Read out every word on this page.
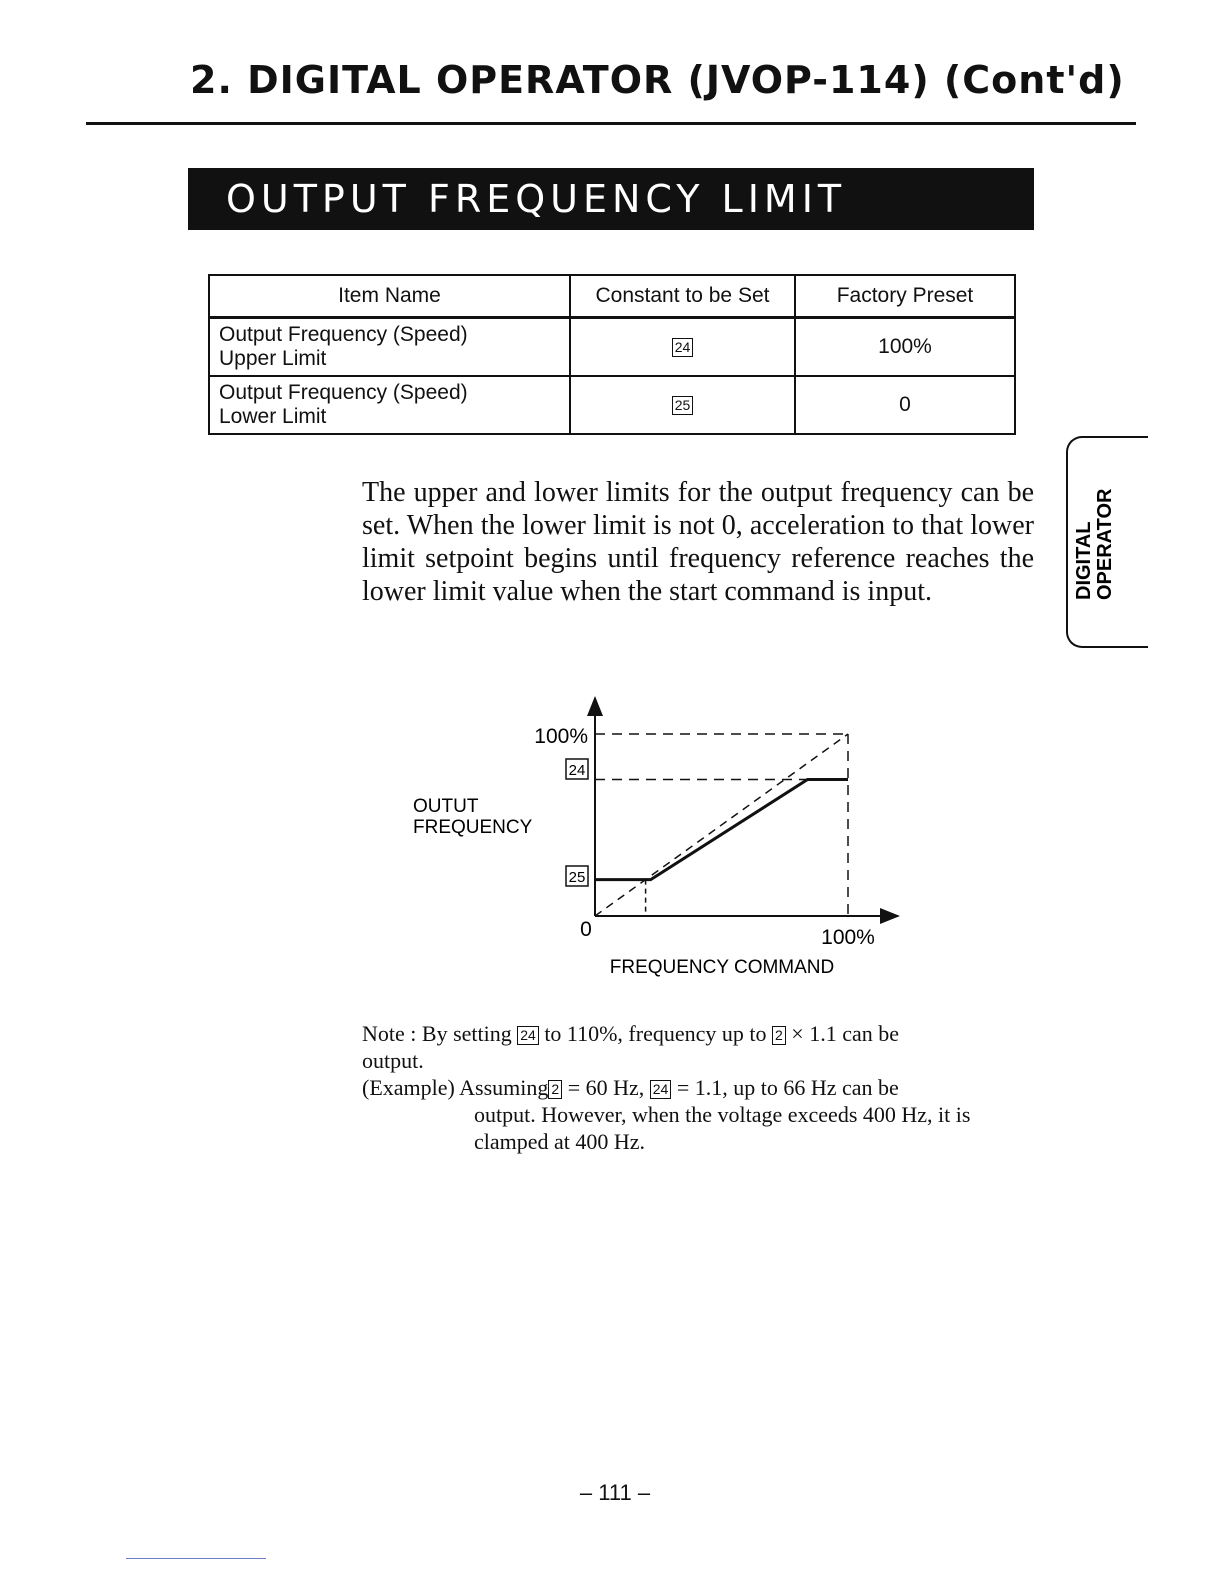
2. DIGITAL OPERATOR (JVOP-114) (Cont'd)
OUTPUT FREQUENCY LIMIT
Item Name	Constant to be Set	Factory Preset

Output Frequency (Speed)
Upper Limit	24	100%

Output Frequency (Speed)
Lower Limit	25	0
DIGITAL OPERATOR
The upper and lower limits for the output frequency can be set. When the lower limit is not 0, acceleration to that lower limit setpoint begins until frequency reference reaches the lower limit value when the start command is input.
100%
24
25
0	100%
OUTUT
FREQUENCY
FREQUENCY COMMAND
Note : By setting 24 to 110%, frequency up to 2 × 1.1 can be
output.
(Example) Assuming 2 = 60 Hz, 24 = 1.1, up to 66 Hz can be
output. However, when the voltage exceeds 400 Hz, it is
clamped at 400 Hz.
– 111 –
